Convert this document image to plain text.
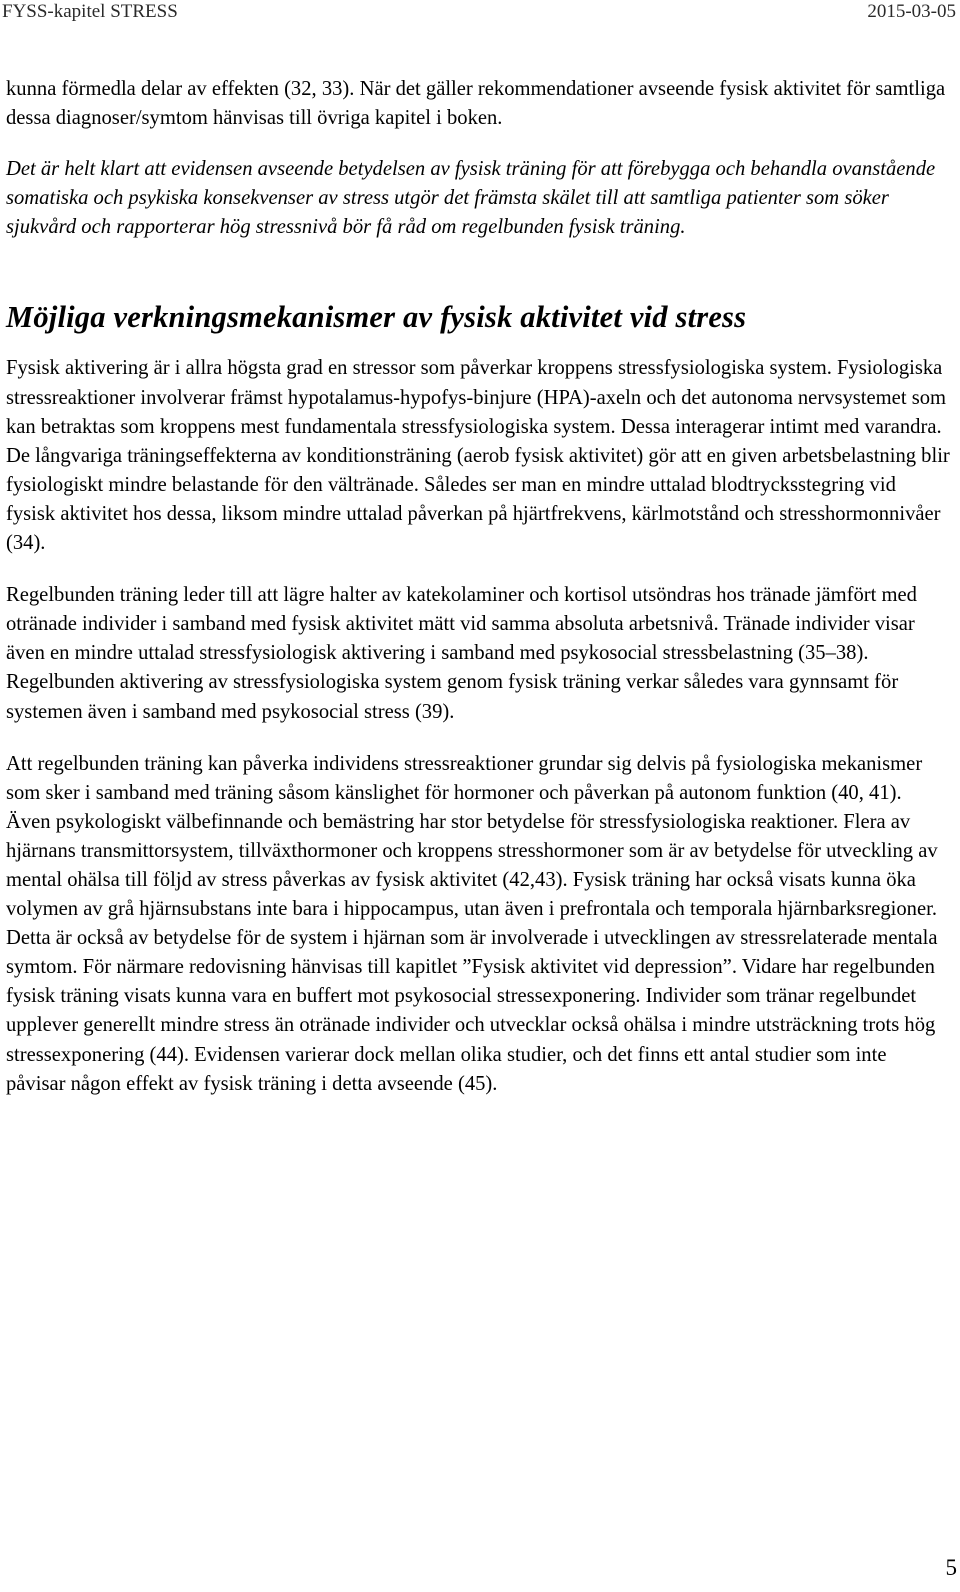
FYSS-kapitel STRESS	2015-03-05

kunna förmedla delar av effekten (32, 33). När det gäller rekommendationer avseende fysisk aktivitet för samtliga dessa diagnoser/symtom hänvisas till övriga kapitel i boken.

Det är helt klart att evidensen avseende betydelsen av fysisk träning för att förebygga och behandla ovanstående somatiska och psykiska konsekvenser av stress utgör det främsta skälet till att samtliga patienter som söker sjukvård och rapporterar hög stressnivå bör få råd om regelbunden fysisk träning.

Möjliga verkningsmekanismer av fysisk aktivitet vid stress

Fysisk aktivering är i allra högsta grad en stressor som påverkar kroppens stressfysiologiska system. Fysiologiska stressreaktioner involverar främst hypotalamus-hypofys-binjure (HPA)-axeln och det autonoma nervsystemet som kan betraktas som kroppens mest fundamentala stressfysiologiska system. Dessa interagerar intimt med varandra. De långvariga träningseffekterna av konditionsträning (aerob fysisk aktivitet) gör att en given arbetsbelastning blir fysiologiskt mindre belastande för den vältränade. Således ser man en mindre uttalad blodtrycksstegring vid fysisk aktivitet hos dessa, liksom mindre uttalad påverkan på hjärtfrekvens, kärlmotstånd och stresshormonnivåer (34).

Regelbunden träning leder till att lägre halter av katekolaminer och kortisol utsöndras hos tränade jämfört med otränade individer i samband med fysisk aktivitet mätt vid samma absoluta arbetsnivå. Tränade individer visar även en mindre uttalad stressfysiologisk aktivering i samband med psykosocial stressbelastning (35–38). Regelbunden aktivering av stressfysiologiska system genom fysisk träning verkar således vara gynnsamt för systemen även i samband med psykosocial stress (39).

Att regelbunden träning kan påverka individens stressreaktioner grundar sig delvis på fysiologiska mekanismer som sker i samband med träning såsom känslighet för hormoner och påverkan på autonom funktion (40, 41). Även psykologiskt välbefinnande och bemästring har stor betydelse för stressfysiologiska reaktioner. Flera av hjärnans transmittorsystem, tillväxthormoner och kroppens stresshormoner som är av betydelse för utveckling av mental ohälsa till följd av stress påverkas av fysisk aktivitet (42,43). Fysisk träning har också visats kunna öka volymen av grå hjärnsubstans inte bara i hippocampus, utan även i prefrontala och temporala hjärnbarksregioner. Detta är också av betydelse för de system i hjärnan som är involverade i utvecklingen av stressrelaterade mentala symtom. För närmare redovisning hänvisas till kapitlet ”Fysisk aktivitet vid depression”. Vidare har regelbunden fysisk träning visats kunna vara en buffert mot psykosocial stressexponering. Individer som tränar regelbundet upplever generellt mindre stress än otränade individer och utvecklar också ohälsa i mindre utsträckning trots hög stressexponering (44). Evidensen varierar dock mellan olika studier, och det finns ett antal studier som inte påvisar någon effekt av fysisk träning i detta avseende (45).

5
